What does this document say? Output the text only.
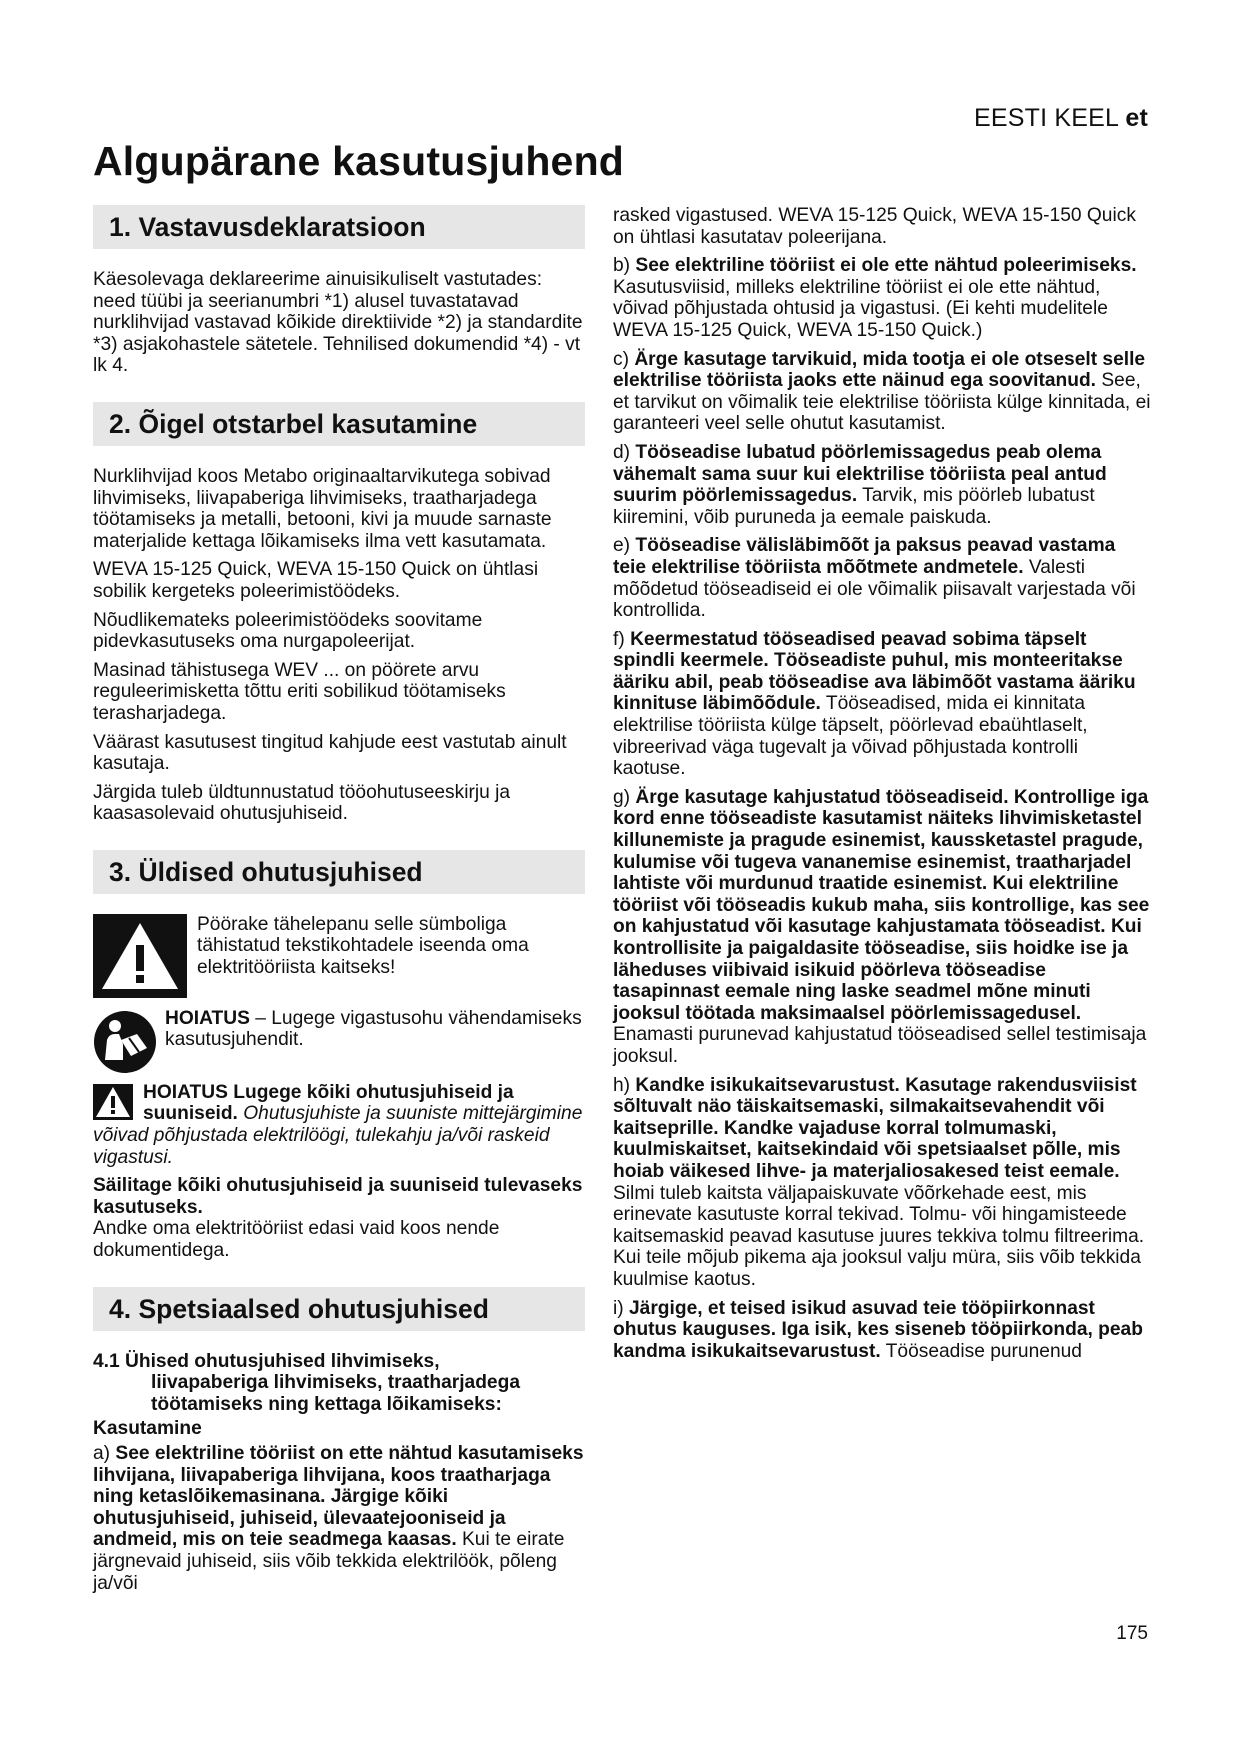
EESTI KEEL et
Algupärane kasutusjuhend
1. Vastavusdeklaratsioon

Käesolevaga deklareerime ainuisikuliselt vastutades: need tüübi ja seerianumbri *1) alusel tuvastatavad nurklihvijad vastavad kõikide direktiivide *2) ja standardite *3) asjakohastele sätetele. Tehnilised dokumendid *4) - vt lk 4.

2. Õigel otstarbel kasutamine

Nurklihvijad koos Metabo originaaltarvikutega sobivad lihvimiseks, liivapaberiga lihvimiseks, traatharjadega töötamiseks ja metalli, betooni, kivi ja muude sarnaste materjalide kettaga lõikamiseks ilma vett kasutamata.

WEVA 15-125 Quick, WEVA 15-150 Quick on ühtlasi sobilik kergeteks poleerimistöödeks.

Nõudlikemateks poleerimistöödeks soovitame pidevkasutuseks oma nurgapoleerijat.

Masinad tähistusega WEV ... on pöörete arvu reguleerimisketta tõttu eriti sobilikud töötamiseks terasharjadega.

Väärast kasutusest tingitud kahjude eest vastutab ainult kasutaja.

Järgida tuleb üldtunnustatud tööohutuseeskirju ja kaasasolevaid ohutusjuhiseid.

3. Üldised ohutusjuhised
Pöörake tähelepanu selle sümboliga tähistatud tekstikohtadele iseenda oma elektritööriista kaitseks!
HOIATUS – Lugege vigastusohu vähendamiseks kasutusjuhendit.

HOIATUS Lugege kõiki ohutusjuhiseid ja suuniseid. Ohutusjuhiste ja suuniste mittejärgimine võivad põhjustada elektrilöögi, tulekahju ja/või raskeid vigastusi.

Säilitage kõiki ohutusjuhiseid ja suuniseid tulevaseks kasutuseks.

Andke oma elektritööriist edasi vaid koos nende dokumentidega.

4. Spetsiaalsed ohutusjuhised
4.1 Ühised ohutusjuhised lihvimiseks,
liivapaberiga lihvimiseks, traatharjadega töötamiseks ning kettaga lõikamiseks:

Kasutamine

a) See elektriline tööriist on ette nähtud kasutamiseks lihvijana, liivapaberiga lihvijana, koos traatharjaga ning ketaslõikemasinana. Järgige kõiki ohutusjuhiseid, juhiseid, ülevaatejooniseid ja andmeid, mis on teie seadmega kaasas. Kui te eirate järgnevaid juhiseid, siis võib tekkida elektrilöök, põleng ja/või

rasked vigastused. WEVA 15-125 Quick, WEVA 15-150 Quick on ühtlasi kasutatav poleerijana.

b) See elektriline tööriist ei ole ette nähtud poleerimiseks. Kasutusviisid, milleks elektriline tööriist ei ole ette nähtud, võivad põhjustada ohtusid ja vigastusi. (Ei kehti mudelitele WEVA 15-125 Quick, WEVA 15-150 Quick.)

c) Ärge kasutage tarvikuid, mida tootja ei ole otseselt selle elektrilise tööriista jaoks ette näinud ega soovitanud. See, et tarvikut on võimalik teie elektrilise tööriista külge kinnitada, ei garanteeri veel selle ohutut kasutamist.

d) Tööseadise lubatud pöörlemissagedus peab olema vähemalt sama suur kui elektrilise tööriista peal antud suurim pöörlemissagedus. Tarvik, mis pöörleb lubatust kiiremini, võib puruneda ja eemale paiskuda.

e) Tööseadise välisläbimõõt ja paksus peavad vastama teie elektrilise tööriista mõõtmete andmetele. Valesti mõõdetud tööseadiseid ei ole võimalik piisavalt varjestada või kontrollida.

f) Keermestatud tööseadised peavad sobima täpselt spindli keermele. Tööseadiste puhul, mis monteeritakse ääriku abil, peab tööseadise ava läbimõõt vastama ääriku kinnituse läbimõõdule. Tööseadised, mida ei kinnitata elektrilise tööriista külge täpselt, pöörlevad ebaühtlaselt, vibreerivad väga tugevalt ja võivad põhjustada kontrolli kaotuse.

g) Ärge kasutage kahjustatud tööseadiseid. Kontrollige iga kord enne tööseadiste kasutamist näiteks lihvimisketastel killunemiste ja pragude esinemist, kaussketastel pragude, kulumise või tugeva vananemise esinemist, traatharjadel lahtiste või murdunud traatide esinemist. Kui elektriline tööriist või tööseadis kukub maha, siis kontrollige, kas see on kahjustatud või kasutage kahjustamata tööseadist. Kui kontrollisite ja paigaldasite tööseadise, siis hoidke ise ja läheduses viibivaid isikuid pöörleva tööseadise tasapinnast eemale ning laske seadmel mõne minuti jooksul töötada maksimaalsel pöörlemissagedusel. Enamasti purunevad kahjustatud tööseadised sellel testimisaja jooksul.

h) Kandke isikukaitsevarustust. Kasutage rakendusviisist sõltuvalt näo täiskaitsemaski, silmakaitsevahendit või kaitseprille. Kandke vajaduse korral tolmumaski, kuulmiskaitset, kaitsekindaid või spetsiaalset põlle, mis hoiab väikesed lihve- ja materjaliosakesed teist eemale. Silmi tuleb kaitsta väljapaiskuvate võõrkehade eest, mis erinevate kasutuste korral tekivad. Tolmu- või hingamisteede kaitsemaskid peavad kasutuse juures tekkiva tolmu filtreerima. Kui teile mõjub pikema aja jooksul valju müra, siis võib tekkida kuulmise kaotus.

i) Järgige, et teised isikud asuvad teie tööpiirkonnast ohutus kauguses. Iga isik, kes siseneb tööpiirkonda, peab kandma isikukaitsevarustust. Tööseadise purunenud

175
